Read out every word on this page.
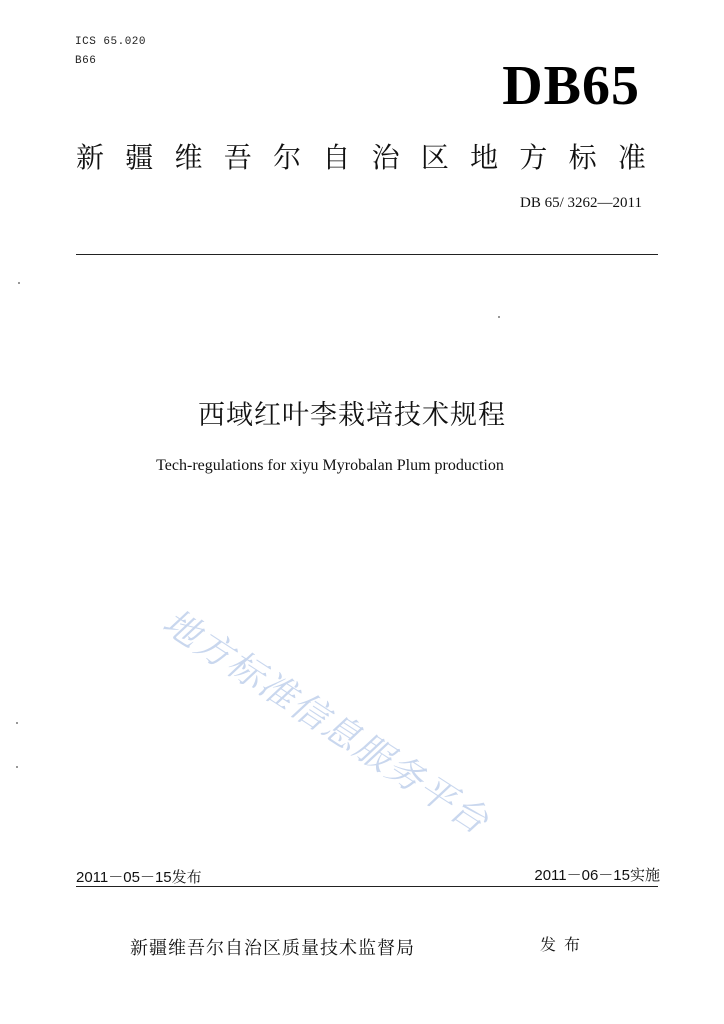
ICS 65.020
B66	DB65
新 疆 维 吾 尔 自 治 区 地 方 标 准
DB 65/ 3262—2011
西域红叶李栽培技术规程
Tech-regulations for xiyu Myrobalan Plum production
地方标准信息服务平台
2011－05－15发布	2011－06－15实施
新疆维吾尔自治区质量技术监督局	发布
